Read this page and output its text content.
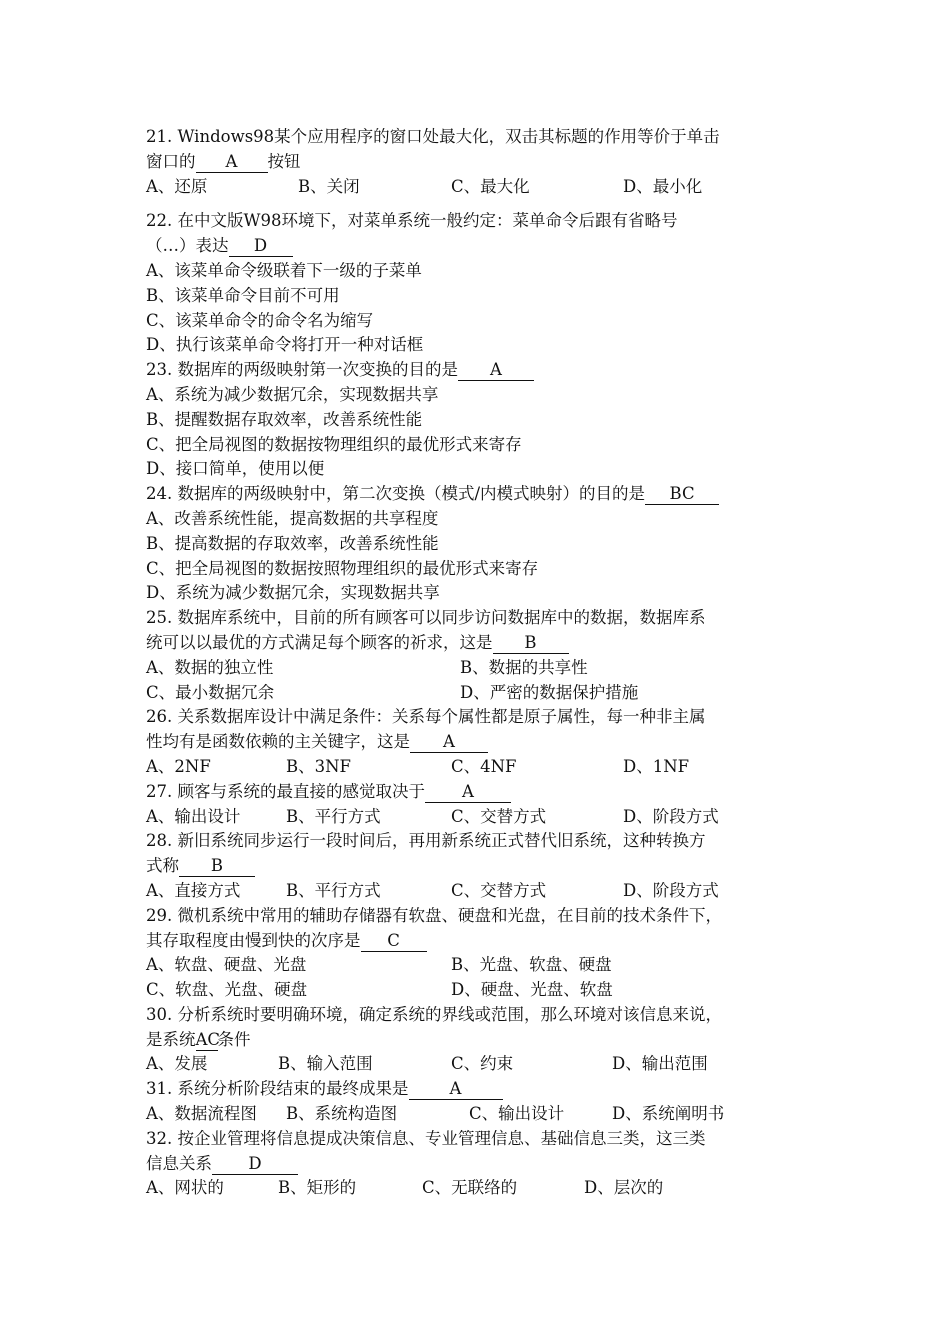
21. Windows98某个应用程序的窗口处最大化，双击其标题的作用等价于单击
窗口的 A 按钮

A、还原

	B、关闭

	C、最大化

	D、最小化

22. 在中文版W98环境下，对菜单系统一般约定：菜单命令后跟有省略号
（…）表达 D
A、该菜单命令级联着下一级的子菜单
B、该菜单命令目前不可用
C、该菜单命令的命令名为缩写
D、执行该菜单命令将打开一种对话框
23. 数据库的两级映射第一次变换的目的是 A
A、系统为减少数据冗余，实现数据共享
B、提醒数据存取效率，改善系统性能
C、把全局视图的数据按物理组织的最优形式来寄存
D、接口简单，使用以便
24. 数据库的两级映射中，第二次变换（模式/内模式映射）的目的是 BC
A、改善系统性能，提高数据的共享程度
B、提高数据的存取效率，改善系统性能
C、把全局视图的数据按照物理组织的最优形式来寄存
D、系统为减少数据冗余，实现数据共享
25. 数据库系统中，目前的所有顾客可以同步访问数据库中的数据，数据库系
统可以以最优的方式满足每个顾客的祈求，这是 B

A、数据的独立性

	B、数据的共享性

C、最小数据冗余

	D、严密的数据保护措施

26. 关系数据库设计中满足条件：关系每个属性都是原子属性，每一种非主属
性均有是函数依赖的主关键字，这是 A

A、2NF

	B、3NF

	C、4NF

	D、1NF

27. 顾客与系统的最直接的感觉取决于 A

A、输出设计

	B、平行方式

	C、交替方式

	D、阶段方式

28. 新旧系统同步运行一段时间后，再用新系统正式替代旧系统，这种转换方
式称 B

A、直接方式

	B、平行方式

	C、交替方式

	D、阶段方式

29. 微机系统中常用的辅助存储器有软盘、硬盘和光盘，在目前的技术条件下，
其存取程度由慢到快的次序是 C

A、软盘、硬盘、光盘

	B、光盘、软盘、硬盘

C、软盘、光盘、硬盘

	D、硬盘、光盘、软盘

30. 分析系统时要明确环境，确定系统的界线或范围，那么环境对该信息来说，
是系统AC条件

A、发展

	B、输入范围

	C、约束

	D、输出范围

31. 系统分析阶段结束的最终成果是 A

A、数据流程图

B、系统构造图

	C、输出设计

	D、系统阐明书

32. 按企业管理将信息提成决策信息、专业管理信息、基础信息三类，这三类
信息关系 D

A、网状的

	B、矩形的

	C、无联络的

	D、层次的
